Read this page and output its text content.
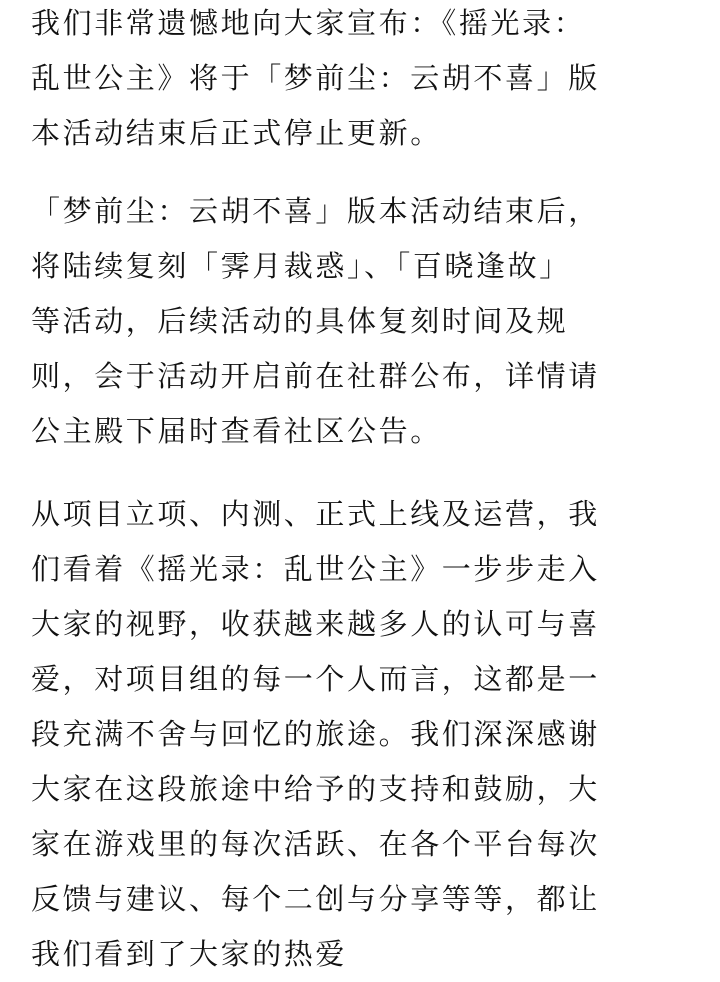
我们非常遗憾地向大家宣布：《摇光录：
乱世公主》将于「梦前尘：云胡不喜」版
本活动结束后正式停止更新。

「梦前尘：云胡不喜」版本活动结束后，
将陆续复刻「霁月裁惑」、「百晓逢故」
等活动，后续活动的具体复刻时间及规
则，会于活动开启前在社群公布，详情请
公主殿下届时查看社区公告。

从项目立项、内测、正式上线及运营，我
们看着《摇光录：乱世公主》一步步走入
大家的视野，收获越来越多人的认可与喜
爱，对项目组的每一个人而言，这都是一
段充满不舍与回忆的旅途。我们深深感谢
大家在这段旅途中给予的支持和鼓励，大
家在游戏里的每次活跃、在各个平台每次
反馈与建议、每个二创与分享等等，都让
我们看到了大家的热爱
